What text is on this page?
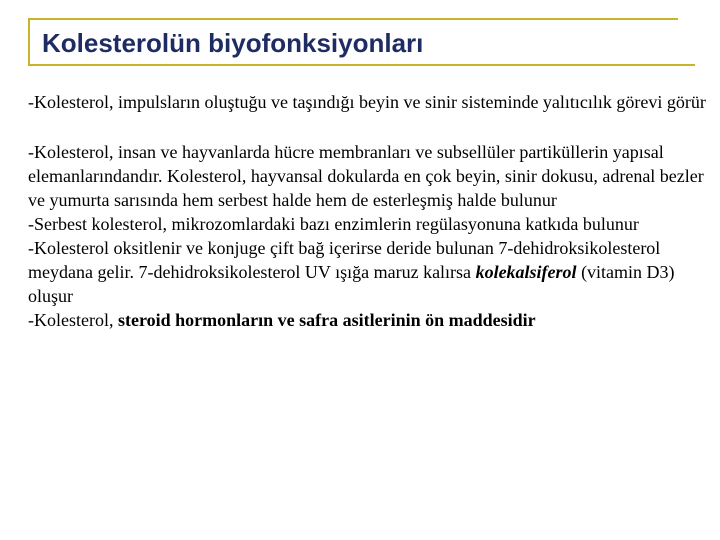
Kolesterolün biyofonksiyonları

-Kolesterol, impulsların oluştuğu ve taşındığı beyin ve sinir sisteminde yalıtıcılık görevi görür

-Kolesterol, insan ve hayvanlarda hücre membranları ve subsellüler partiküllerin yapısal elemanlarındandır. Kolesterol, hayvansal dokularda en çok beyin, sinir dokusu, adrenal bezler ve yumurta sarısında hem serbest halde hem de esterleşmiş halde bulunur

-Serbest kolesterol, mikrozomlardaki bazı enzimlerin regülasyonuna katkıda bulunur

-Kolesterol oksitlenir ve konjuge çift bağ içerirse deride bulunan 7-dehidroksikolesterol meydana gelir. 7-dehidroksikolesterol UV ışığa maruz kalırsa kolekalsiferol (vitamin D3) oluşur

-Kolesterol, steroid hormonların ve safra asitlerinin ön maddesidir
